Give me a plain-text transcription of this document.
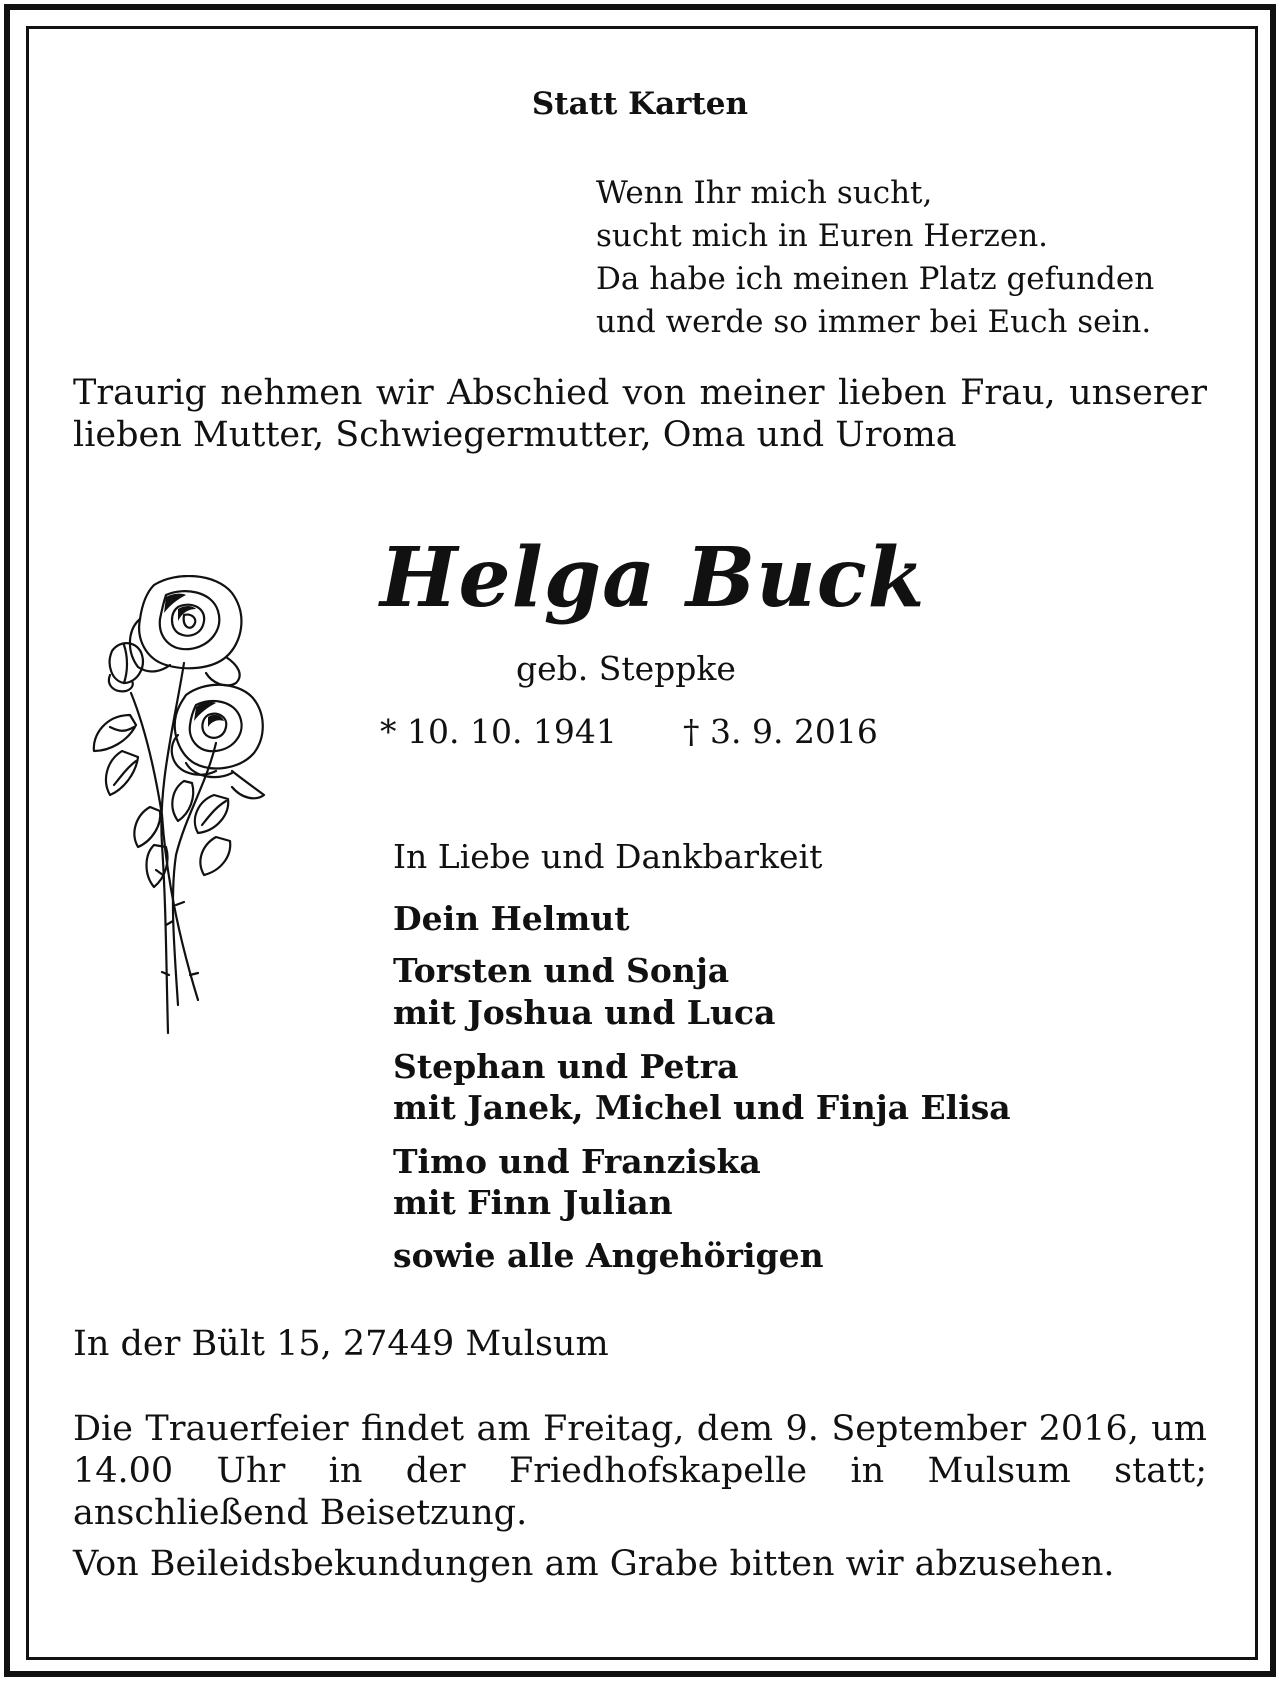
Statt Karten

Wenn Ihr mich sucht,

sucht mich in Euren Herzen.

Da habe ich meinen Platz gefunden

und werde so immer bei Euch sein.

Traurig nehmen wir Abschied von meiner lieben Frau, unserer lieben Mutter, Schwiegermutter, Oma und Uroma

Helga Buck

geb. Steppke

* 10. 10. 1941 † 3. 9. 2016

In Liebe und Dankbarkeit

Dein Helmut

Torsten und Sonja

mit Joshua und Luca

Stephan und Petra

mit Janek, Michel und Finja Elisa

Timo und Franziska

mit Finn Julian

sowie alle Angehörigen

In der Bült 15, 27449 Mulsum

Die Trauerfeier findet am Freitag, dem 9. September 2016, um 14.00 Uhr in der Friedhofskapelle in Mulsum statt; anschließend Beisetzung.

Von Beileidsbekundungen am Grabe bitten wir abzusehen.
